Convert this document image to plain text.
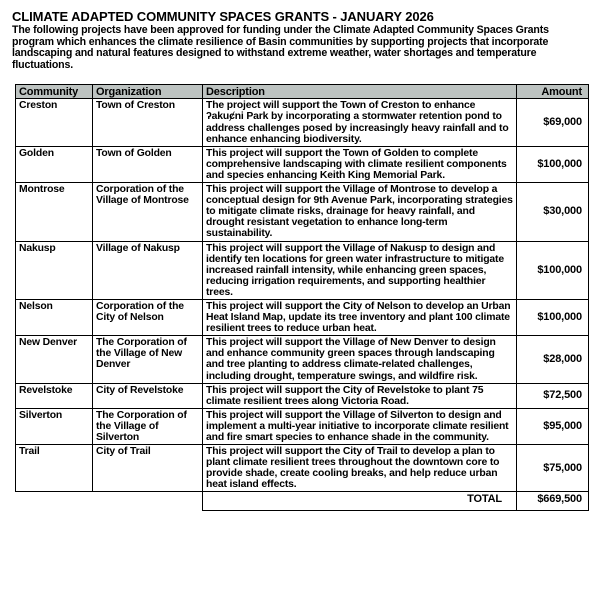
CLIMATE ADAPTED COMMUNITY SPACES GRANTS - JANUARY 2026

The following projects have been approved for funding under the Climate Adapted Community Spaces Grants program which enhances the climate resilience of Basin communities by supporting projects that incorporate landscaping and natural features designed to withstand extreme weather, water shortages and temperature fluctuations.

Community	Organization	Description	Amount
Creston	Town of Creston	The project will support the Town of Creston to enhance ʔakuȼni Park by incorporating a stormwater retention pond to address challenges posed by increasingly heavy rainfall and to enhance enhancing biodiversity.	$69,000
Golden	Town of Golden	This project will support the Town of Golden to complete comprehensive landscaping with climate resilient components and species enhancing Keith King Memorial Park.	$100,000
Montrose	Corporation of the Village of Montrose	This project will support the Village of Montrose to develop a conceptual design for 9th Avenue Park, incorporating strategies to mitigate climate risks, drainage for heavy rainfall, and drought resistant vegetation to enhance long-term sustainability.	$30,000
Nakusp	Village of Nakusp	This project will support the Village of Nakusp to design and identify ten locations for green water infrastructure to mitigate increased rainfall intensity, while enhancing green spaces, reducing irrigation requirements, and supporting healthier trees.	$100,000
Nelson	Corporation of the City of Nelson	This project will support the City of Nelson to develop an Urban Heat Island Map, update its tree inventory and plant 100 climate resilient trees to reduce urban heat.	$100,000
New Denver	The Corporation of the Village of New Denver	This project will support the Village of New Denver to design and enhance community green spaces through landscaping and tree planting to address climate-related challenges, including drought, temperature swings, and wildfire risk.	$28,000
Revelstoke	City of Revelstoke	This project will support the City of Revelstoke to plant 75 climate resilient trees along Victoria Road.	$72,500
Silverton	The Corporation of the Village of Silverton	This project will support the Village of Silverton to design and implement a multi-year initiative to incorporate climate resilient and fire smart species to enhance shade in the community.	$95,000
Trail	City of Trail	This project will support the City of Trail to develop a plan to plant climate resilient trees throughout the downtown core to provide shade, create cooling breaks, and help reduce urban heat island effects.	$75,000
		TOTAL	$669,500
